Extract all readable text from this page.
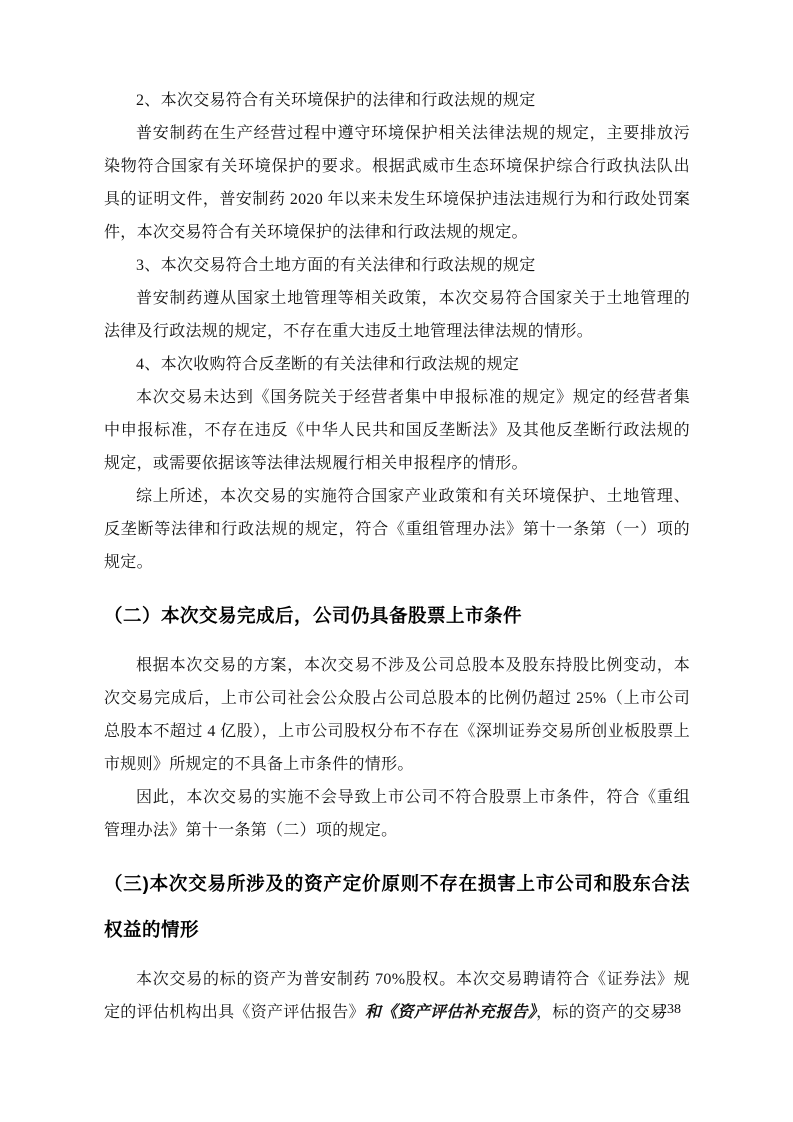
2、本次交易符合有关环境保护的法律和行政法规的规定

普安制药在生产经营过程中遵守环境保护相关法律法规的规定，主要排放污染物符合国家有关环境保护的要求。根据武威市生态环境保护综合行政执法队出具的证明文件，普安制药 2020 年以来未发生环境保护违法违规行为和行政处罚案件，本次交易符合有关环境保护的法律和行政法规的规定。

3、本次交易符合土地方面的有关法律和行政法规的规定

普安制药遵从国家土地管理等相关政策，本次交易符合国家关于土地管理的法律及行政法规的规定，不存在重大违反土地管理法律法规的情形。

4、本次收购符合反垄断的有关法律和行政法规的规定

本次交易未达到《国务院关于经营者集中申报标准的规定》规定的经营者集中申报标准，不存在违反《中华人民共和国反垄断法》及其他反垄断行政法规的规定，或需要依据该等法律法规履行相关申报程序的情形。

综上所述，本次交易的实施符合国家产业政策和有关环境保护、土地管理、反垄断等法律和行政法规的规定，符合《重组管理办法》第十一条第（一）项的规定。

（二）本次交易完成后，公司仍具备股票上市条件

根据本次交易的方案，本次交易不涉及公司总股本及股东持股比例变动，本次交易完成后，上市公司社会公众股占公司总股本的比例仍超过 25%（上市公司总股本不超过 4 亿股），上市公司股权分布不存在《深圳证券交易所创业板股票上市规则》所规定的不具备上市条件的情形。

因此，本次交易的实施不会导致上市公司不符合股票上市条件，符合《重组管理办法》第十一条第（二）项的规定。

（三)本次交易所涉及的资产定价原则不存在损害上市公司和股东合法权益的情形

本次交易的标的资产为普安制药 70%股权。本次交易聘请符合《证券法》规定的评估机构出具《资产评估报告》和《资产评估补充报告》，标的资产的交易

238
